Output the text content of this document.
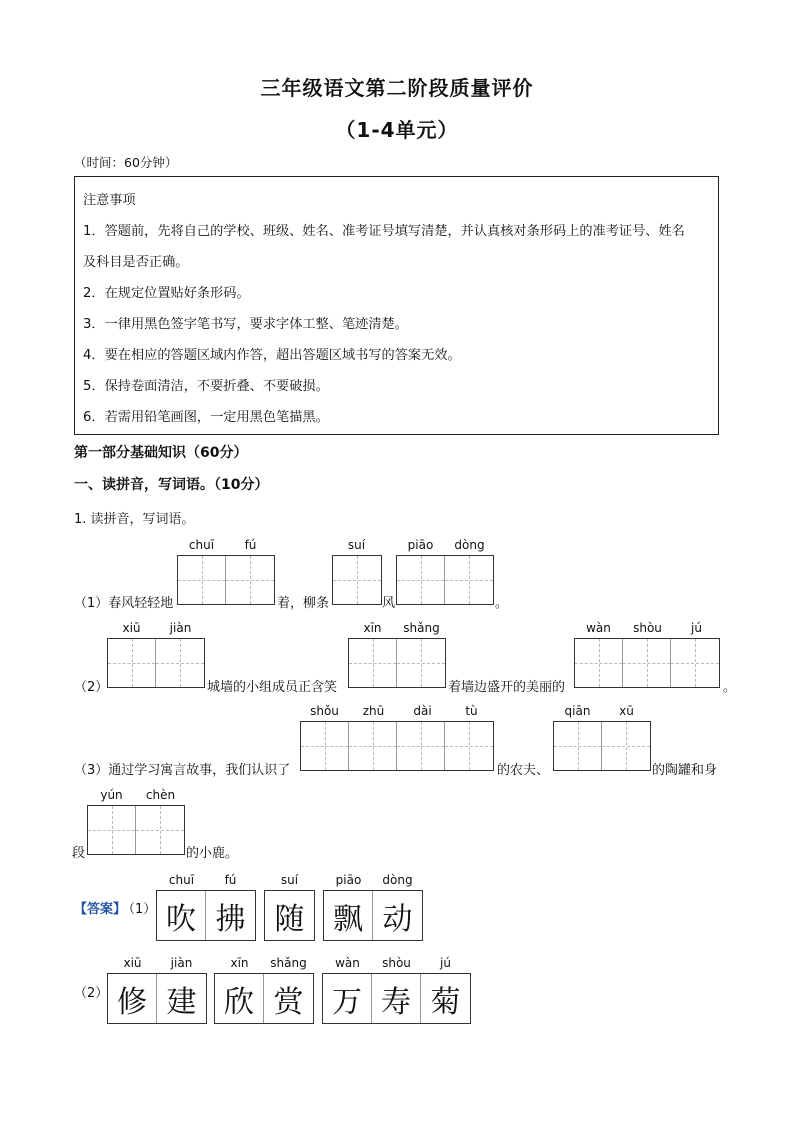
三年级语文第二阶段质量评价
（1-4单元）
（时间：60分钟）
注意事项
1．答题前，先将自己的学校、班级、姓名、准考证号填写清楚，并认真核对条形码上的准考证号、姓名
及科目是否正确。
2．在规定位置贴好条形码。
3．一律用黑色签字笔书写，要求字体工整、笔迹清楚。
4．要在相应的答题区域内作答，超出答题区域书写的答案无效。
5．保持卷面清洁，不要折叠、不要破损。
6．若需用铅笔画图，一定用黑色笔描黑。
第一部分基础知识（60分）
一、读拼音，写词语。（10分）
1. 读拼音，写词语。
chuī	fú	suí	piāo	dòng
（1）春风轻轻地	着，柳条	风	。
xiū	jiàn	xīn	shǎng	wàn	shòu	jú
（2）	城墙的小组成员正含笑	着墙边盛开的美丽的	。
shǒu	zhū	dài	tù	qiān	xū
（3）通过学习寓言故事，我们认识了	的农夫、	的陶罐和身
yún	chèn
段	的小鹿。
【答案】
（1）
chuī	fú
吹 拂
suí
随
piāo	dòng
飘 动
（2）
xiū	jiàn
修 建
xīn	shǎng
欣 赏
wàn	shòu	jú
万 寿 菊
